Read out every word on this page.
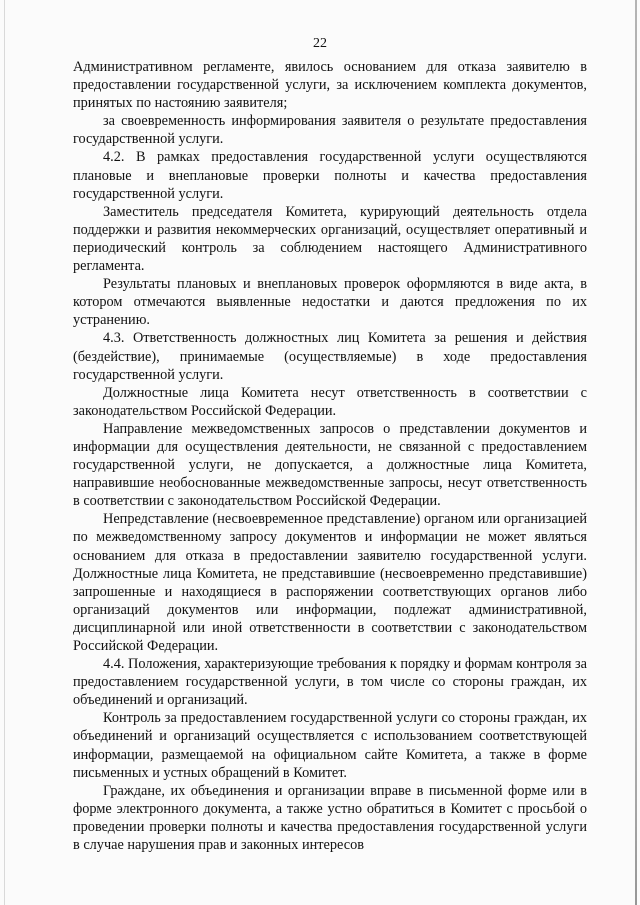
22

Административном регламенте, явилось основанием для отказа заявителю в предоставлении государственной услуги, за исключением комплекта документов, принятых по настоянию заявителя;

за своевременность информирования заявителя о результате предоставления государственной услуги.

4.2. В рамках предоставления государственной услуги осуществляются плановые и внеплановые проверки полноты и качества предоставления государственной услуги.

Заместитель председателя Комитета, курирующий деятельность отдела поддержки и развития некоммерческих организаций, осуществляет оперативный и периодический контроль за соблюдением настоящего Административного регламента.

Результаты плановых и внеплановых проверок оформляются в виде акта, в котором отмечаются выявленные недостатки и даются предложения по их устранению.

4.3. Ответственность должностных лиц Комитета за решения и действия (бездействие), принимаемые (осуществляемые) в ходе предоставления государственной услуги.

Должностные лица Комитета несут ответственность в соответствии с законодательством Российской Федерации.

Направление межведомственных запросов о представлении документов и информации для осуществления деятельности, не связанной с предоставлением государственной услуги, не допускается, а должностные лица Комитета, направившие необоснованные межведомственные запросы, несут ответственность в соответствии с законодательством Российской Федерации.

Непредставление (несвоевременное представление) органом или организацией по межведомственному запросу документов и информации не может являться основанием для отказа в предоставлении заявителю государственной услуги. Должностные лица Комитета, не представившие (несвоевременно представившие) запрошенные и находящиеся в распоряжении соответствующих органов либо организаций документов или информации, подлежат административной, дисциплинарной или иной ответственности в соответствии с законодательством Российской Федерации.

4.4. Положения, характеризующие требования к порядку и формам контроля за предоставлением государственной услуги, в том числе со стороны граждан, их объединений и организаций.

Контроль за предоставлением государственной услуги со стороны граждан, их объединений и организаций осуществляется с использованием соответствующей информации, размещаемой на официальном сайте Комитета, а также в форме письменных и устных обращений в Комитет.

Граждане, их объединения и организации вправе в письменной форме или в форме электронного документа, а также устно обратиться в Комитет с просьбой о проведении проверки полноты и качества предоставления государственной услуги в случае нарушения прав и законных интересов
